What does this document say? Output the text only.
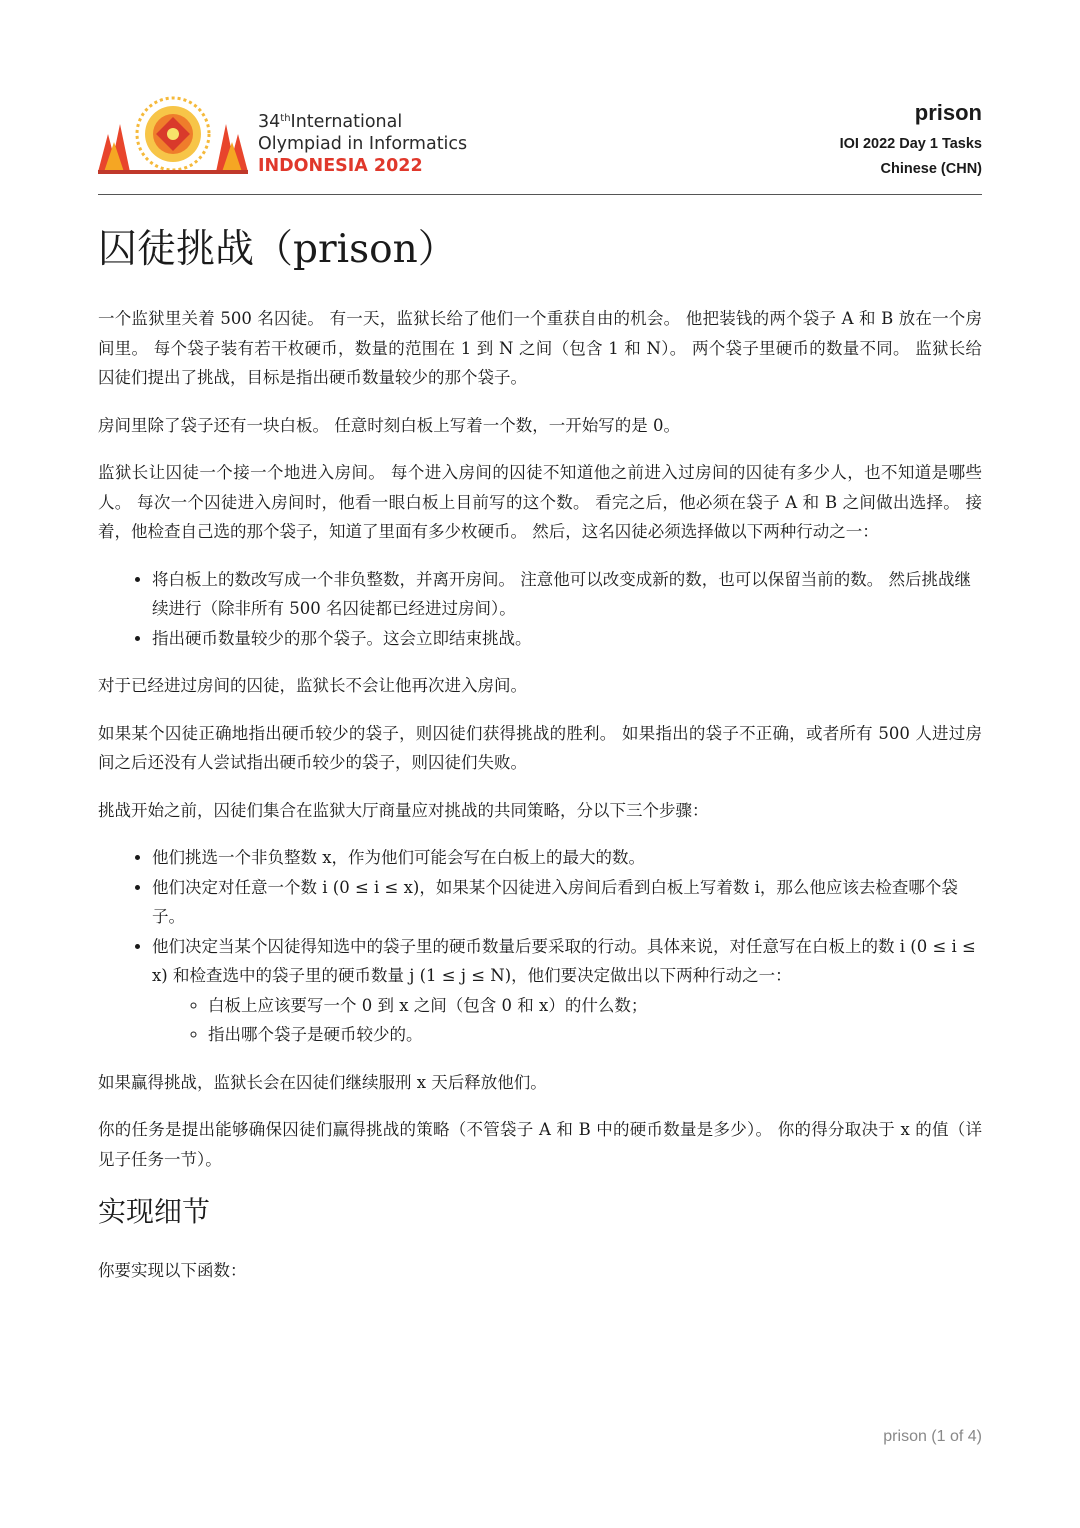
34thInternational
Olympiad in Informatics
INDONESIA 2022
prison
IOI 2022 Day 1 Tasks
Chinese (CHN)
囚徒挑战（prison）

一个监狱里关着 500 名囚徒。 有一天，监狱长给了他们一个重获自由的机会。 他把装钱的两个袋子 A 和 B 放在一个房间里。 每个袋子装有若干枚硬币，数量的范围在 1 到 N 之间（包含 1 和 N）。 两个袋子里硬币的数量不同。 监狱长给囚徒们提出了挑战，目标是指出硬币数量较少的那个袋子。

房间里除了袋子还有一块白板。 任意时刻白板上写着一个数，一开始写的是 0。

监狱长让囚徒一个接一个地进入房间。 每个进入房间的囚徒不知道他之前进入过房间的囚徒有多少人，也不知道是哪些人。 每次一个囚徒进入房间时，他看一眼白板上目前写的这个数。 看完之后，他必须在袋子 A 和 B 之间做出选择。 接着，他检查自己选的那个袋子，知道了里面有多少枚硬币。 然后，这名囚徒必须选择做以下两种行动之一：

• 将白板上的数改写成一个非负整数，并离开房间。 注意他可以改变成新的数，也可以保留当前的数。 然后挑战继续进行（除非所有 500 名囚徒都已经进过房间）。
• 指出硬币数量较少的那个袋子。这会立即结束挑战。

对于已经进过房间的囚徒，监狱长不会让他再次进入房间。

如果某个囚徒正确地指出硬币较少的袋子，则囚徒们获得挑战的胜利。 如果指出的袋子不正确，或者所有 500 人进过房间之后还没有人尝试指出硬币较少的袋子，则囚徒们失败。

挑战开始之前，囚徒们集合在监狱大厅商量应对挑战的共同策略，分以下三个步骤：

• 他们挑选一个非负整数 x，作为他们可能会写在白板上的最大的数。
• 他们决定对任意一个数 i (0 ≤ i ≤ x)，如果某个囚徒进入房间后看到白板上写着数 i，那么他应该去检查哪个袋子。
• 他们决定当某个囚徒得知选中的袋子里的硬币数量后要采取的行动。具体来说，对任意写在白板上的数 i (0 ≤ i ≤ x) 和检查选中的袋子里的硬币数量 j (1 ≤ j ≤ N)，他们要决定做出以下两种行动之一：
◦ 白板上应该要写一个 0 到 x 之间（包含 0 和 x）的什么数；
◦ 指出哪个袋子是硬币较少的。

如果赢得挑战，监狱长会在囚徒们继续服刑 x 天后释放他们。

你的任务是提出能够确保囚徒们赢得挑战的策略（不管袋子 A 和 B 中的硬币数量是多少）。 你的得分取决于 x 的值（详见子任务一节）。

实现细节

你要实现以下函数：

prison (1 of 4)
